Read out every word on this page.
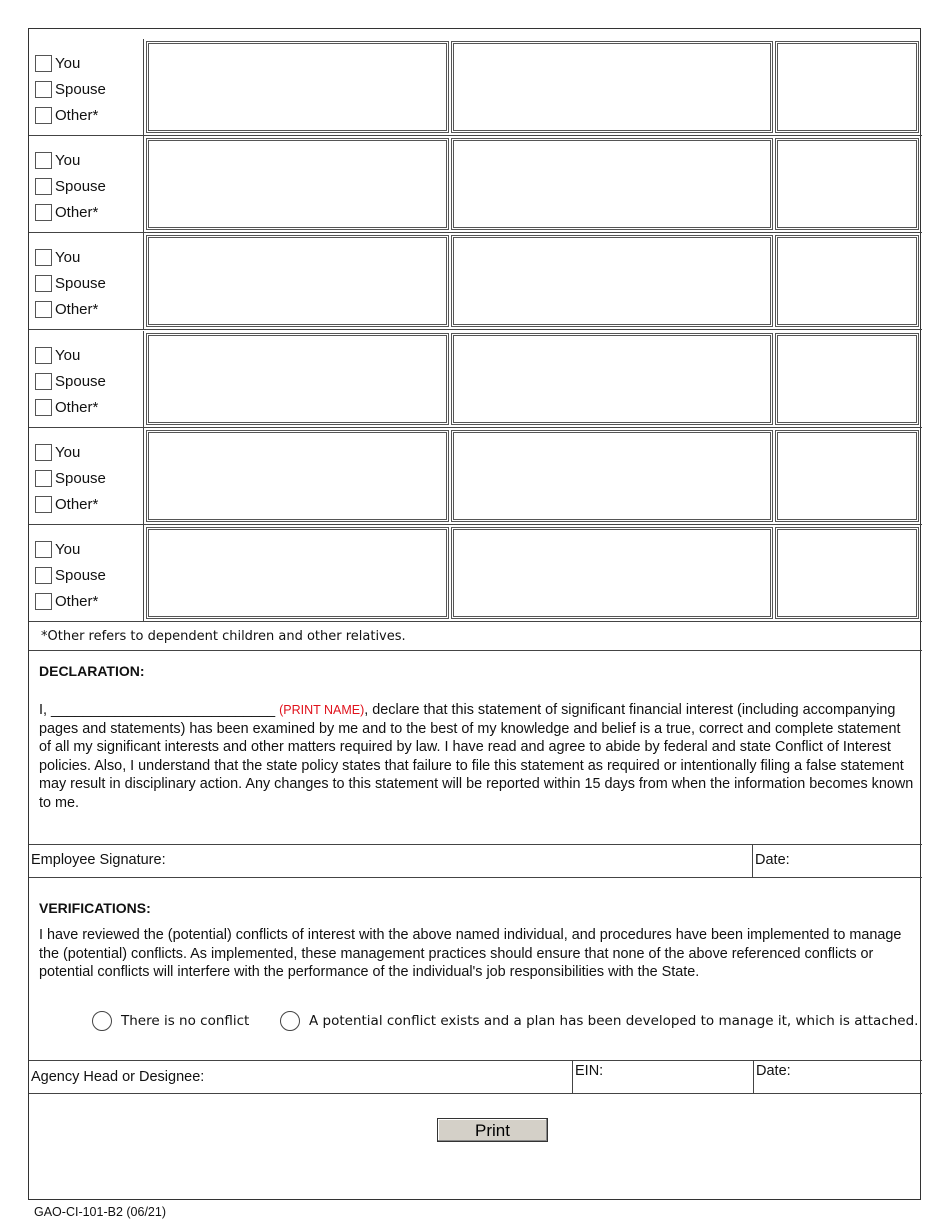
You
Spouse
Other*
You
Spouse
Other*
You
Spouse
Other*
You
Spouse
Other*
You
Spouse
Other*
You
Spouse
Other*
*Other refers to dependent children and other relatives.
DECLARATION:
I, ____________________________ (PRINT NAME), declare that this statement of significant financial interest (including accompanying pages and statements) has been examined by me and to the best of my knowledge and belief is a true, correct and complete statement of all my significant interests and other matters required by law. I have read and agree to abide by federal and state Conflict of Interest policies. Also, I understand that the state policy states that failure to file this statement as required or intentionally filing a false statement may result in disciplinary action. Any changes to this statement will be reported within 15 days from when the information becomes known to me.
Employee Signature:	Date:
VERIFICATIONS:
I have reviewed the (potential) conflicts of interest with the above named individual, and procedures have been implemented to manage the (potential) conflicts. As implemented, these management practices should ensure that none of the above referenced conflicts or potential conflicts will interfere with the performance of the individual's job responsibilities with the State.
There is no conflict	A potential conflict exists and a plan has been developed to manage it, which is attached.
Agency Head or Designee:	EIN:	Date:
Print
GAO-CI-101-B2 (06/21)
